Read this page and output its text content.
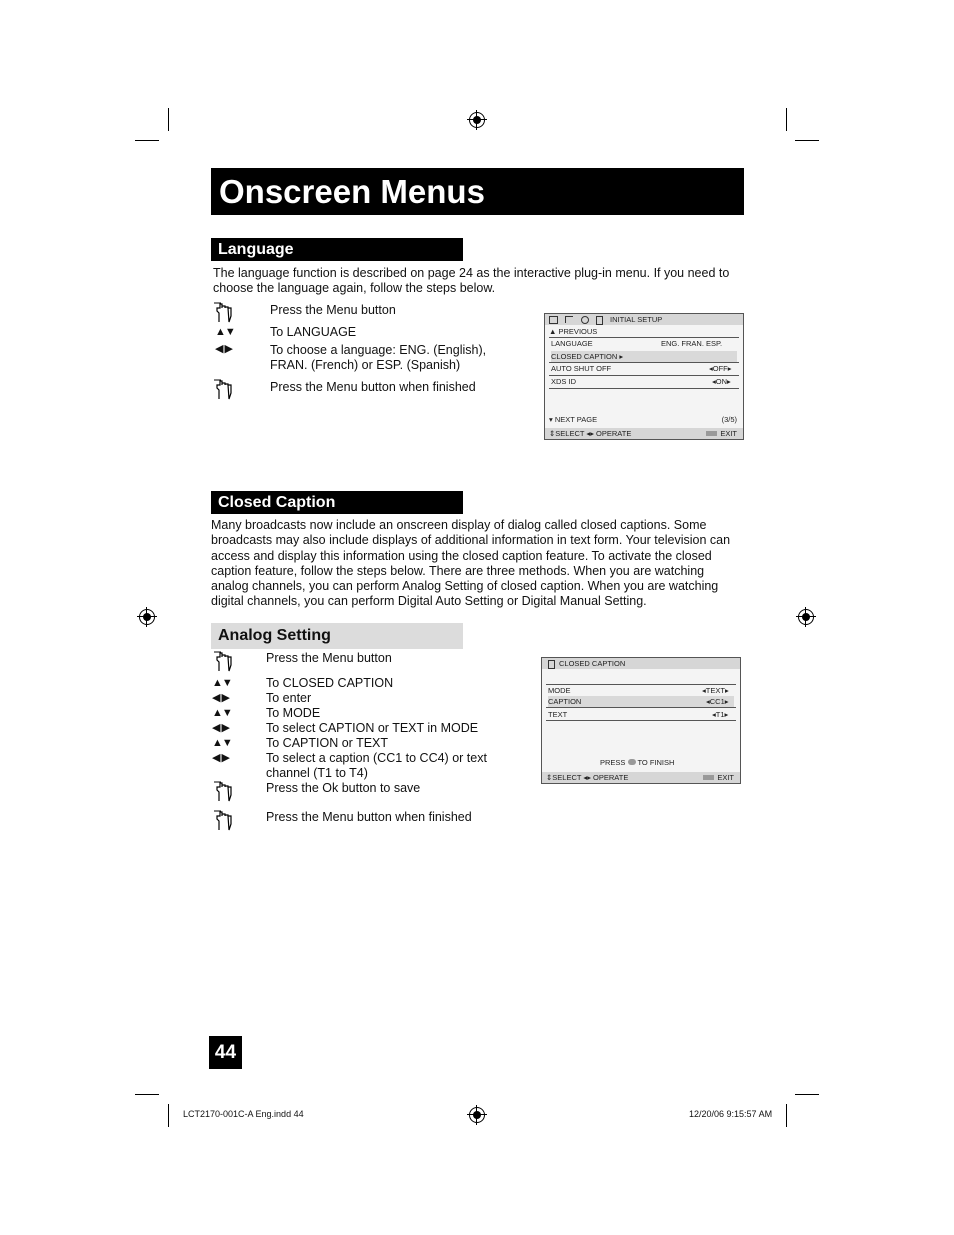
Onscreen Menus
Language
The language function is described on page 24 as the interactive plug-in menu. If you need to choose the language again, follow the steps below.
Press the Menu button
▲▼	To LANGUAGE
◀ ▶	To choose a language: ENG. (English), FRAN. (French) or ESP. (Spanish)
Press the Menu button when finished
INITIAL SETUP
▲ PREVIOUS
LANGUAGE	ENG. FRAN. ESP.
CLOSED CAPTION ▸
AUTO SHUT OFF	◂OFF▸
XDS ID	◂ON▸
▾ NEXT PAGE	(3/5)
⇕SELECT ◂▸ OPERATE	EXIT
Closed Caption
Many broadcasts now include an onscreen display of dialog called closed captions. Some broadcasts may also include displays of additional information in text form. Your television can access and display this information using the closed caption feature. To activate the closed caption feature, follow the steps below. There are three methods. When you are watching analog channels, you can perform Analog Setting of closed caption. When you are watching digital channels, you can perform Digital Auto Setting or Digital Manual Setting.
Analog Setting
Press the Menu button
▲▼	To CLOSED CAPTION
◀ ▶	To enter
▲▼	To MODE
◀ ▶	To select CAPTION or TEXT in MODE
▲▼	To CAPTION or TEXT
◀ ▶	To select a caption (CC1 to CC4) or text channel (T1 to T4)
Press the Ok button to save
Press the Menu button when finished
CLOSED CAPTION
MODE	◂TEXT▸
CAPTION	◂CC1▸
TEXT	◂T1▸
PRESS TO FINISH
⇕SELECT ◂▸ OPERATE	EXIT
44
LCT2170-001C-A Eng.indd 44	12/20/06 9:15:57 AM
